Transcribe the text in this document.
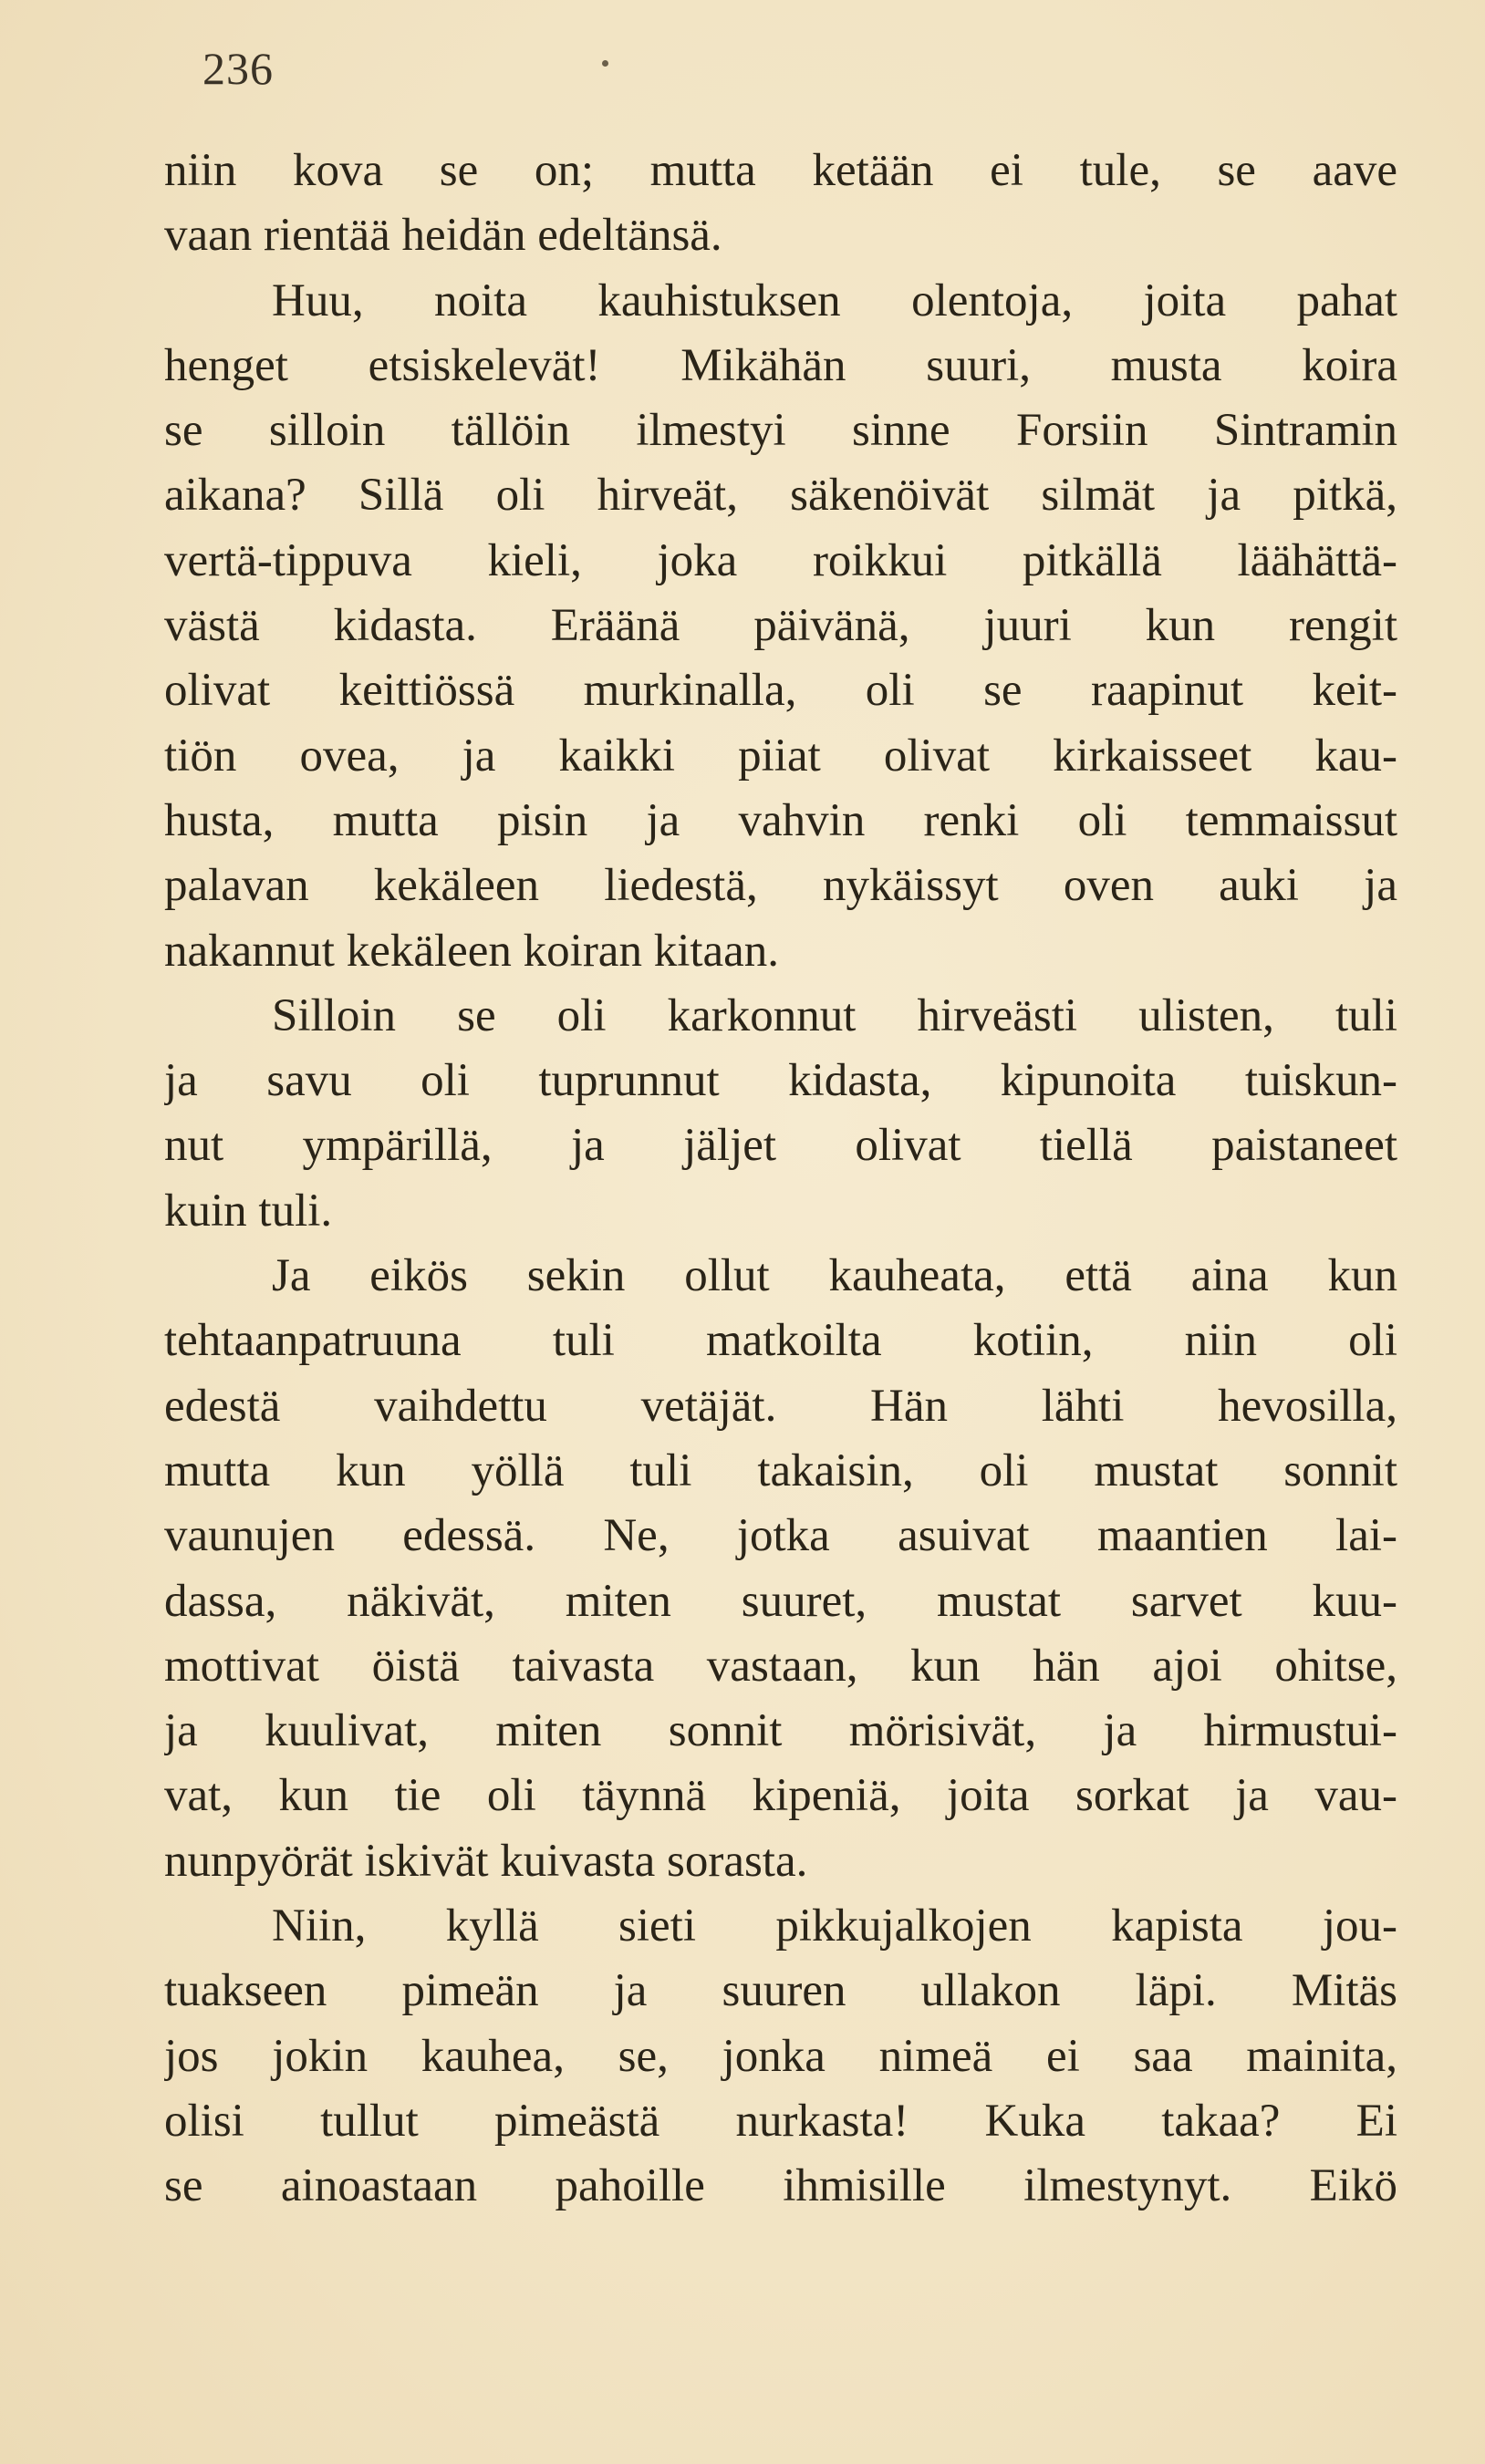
236
niin kova se on; mutta ketään ei tule, se aave
vaan rientää heidän edeltänsä.
Huu, noita kauhistuksen olentoja, joita pahat
henget etsiskelevät! Mikähän suuri, musta koira
se silloin tällöin ilmestyi sinne Forsiin Sintramin
aikana? Sillä oli hirveät, säkenöivät silmät ja pitkä,
vertä-tippuva kieli, joka roikkui pitkällä läähättä-
västä kidasta. Eräänä päivänä, juuri kun rengit
olivat keittiössä murkinalla, oli se raapinut keit-
tiön ovea, ja kaikki piiat olivat kirkaisseet kau-
husta, mutta pisin ja vahvin renki oli temmaissut
palavan kekäleen liedestä, nykäissyt oven auki ja
nakannut kekäleen koiran kitaan.
Silloin se oli karkonnut hirveästi ulisten, tuli
ja savu oli tuprunnut kidasta, kipunoita tuiskun-
nut ympärillä, ja jäljet olivat tiellä paistaneet
kuin tuli.
Ja eikös sekin ollut kauheata, että aina kun
tehtaanpatruuna tuli matkoilta kotiin, niin oli
edestä vaihdettu vetäjät. Hän lähti hevosilla,
mutta kun yöllä tuli takaisin, oli mustat sonnit
vaunujen edessä. Ne, jotka asuivat maantien lai-
dassa, näkivät, miten suuret, mustat sarvet kuu-
mottivat öistä taivasta vastaan, kun hän ajoi ohitse,
ja kuulivat, miten sonnit mörisivät, ja hirmustui-
vat, kun tie oli täynnä kipeniä, joita sorkat ja vau-
nunpyörät iskivät kuivasta sorasta.
Niin, kyllä sieti pikkujalkojen kapista jou-
tuakseen pimeän ja suuren ullakon läpi. Mitäs
jos jokin kauhea, se, jonka nimeä ei saa mainita,
olisi tullut pimeästä nurkasta! Kuka takaa? Ei
se ainoastaan pahoille ihmisille ilmestynyt. Eikö
